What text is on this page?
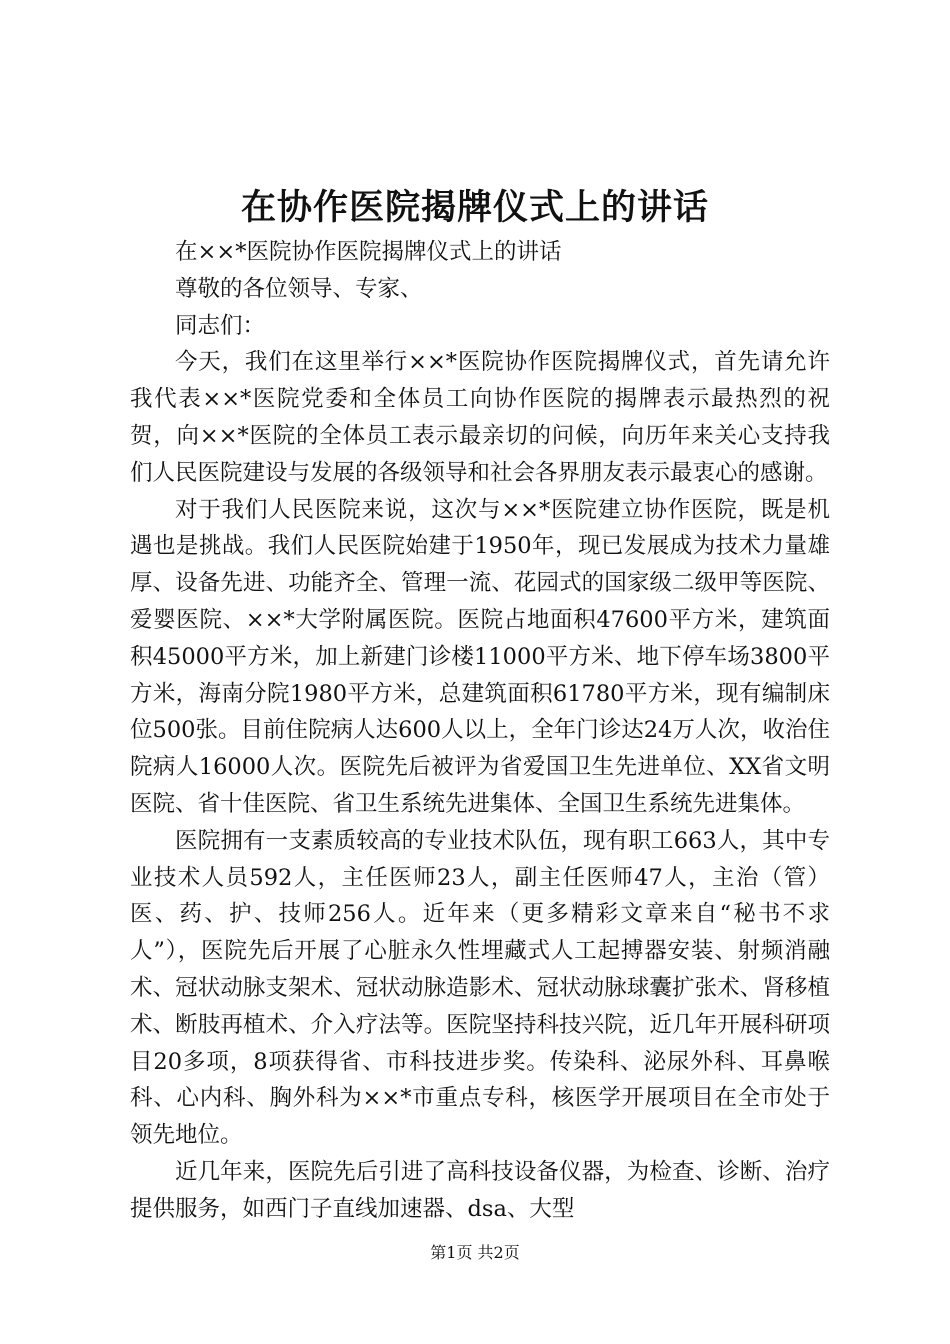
在协作医院揭牌仪式上的讲话

在××*医院协作医院揭牌仪式上的讲话

尊敬的各位领导、专家、

同志们：

今天，我们在这里举行××*医院协作医院揭牌仪式，首先请允许我代表××*医院党委和全体员工向协作医院的揭牌表示最热烈的祝贺，向××*医院的全体员工表示最亲切的问候，向历年来关心支持我们人民医院建设与发展的各级领导和社会各界朋友表示最衷心的感谢。

对于我们人民医院来说，这次与××*医院建立协作医院，既是机遇也是挑战。我们人民医院始建于1950年，现已发展成为技术力量雄厚、设备先进、功能齐全、管理一流、花园式的国家级二级甲等医院、爱婴医院、××*大学附属医院。医院占地面积47600平方米，建筑面积45000平方米，加上新建门诊楼11000平方米、地下停车场3800平方米，海南分院1980平方米，总建筑面积61780平方米，现有编制床位500张。目前住院病人达600人以上，全年门诊达24万人次，收治住院病人16000人次。医院先后被评为省爱国卫生先进单位、XX省文明医院、省十佳医院、省卫生系统先进集体、全国卫生系统先进集体。

医院拥有一支素质较高的专业技术队伍，现有职工663人，其中专业技术人员592人，主任医师23人，副主任医师47人，主治（管）医、药、护、技师256人。近年来（更多精彩文章来自“秘书不求人”），医院先后开展了心脏永久性埋藏式人工起搏器安装、射频消融术、冠状动脉支架术、冠状动脉造影术、冠状动脉球囊扩张术、肾移植术、断肢再植术、介入疗法等。医院坚持科技兴院，近几年开展科研项目20多项，8项获得省、市科技进步奖。传染科、泌尿外科、耳鼻喉科、心内科、胸外科为××*市重点专科，核医学开展项目在全市处于领先地位。

近几年来，医院先后引进了高科技设备仪器，为检查、诊断、治疗提供服务，如西门子直线加速器、dsa、大型

第1页 共2页
